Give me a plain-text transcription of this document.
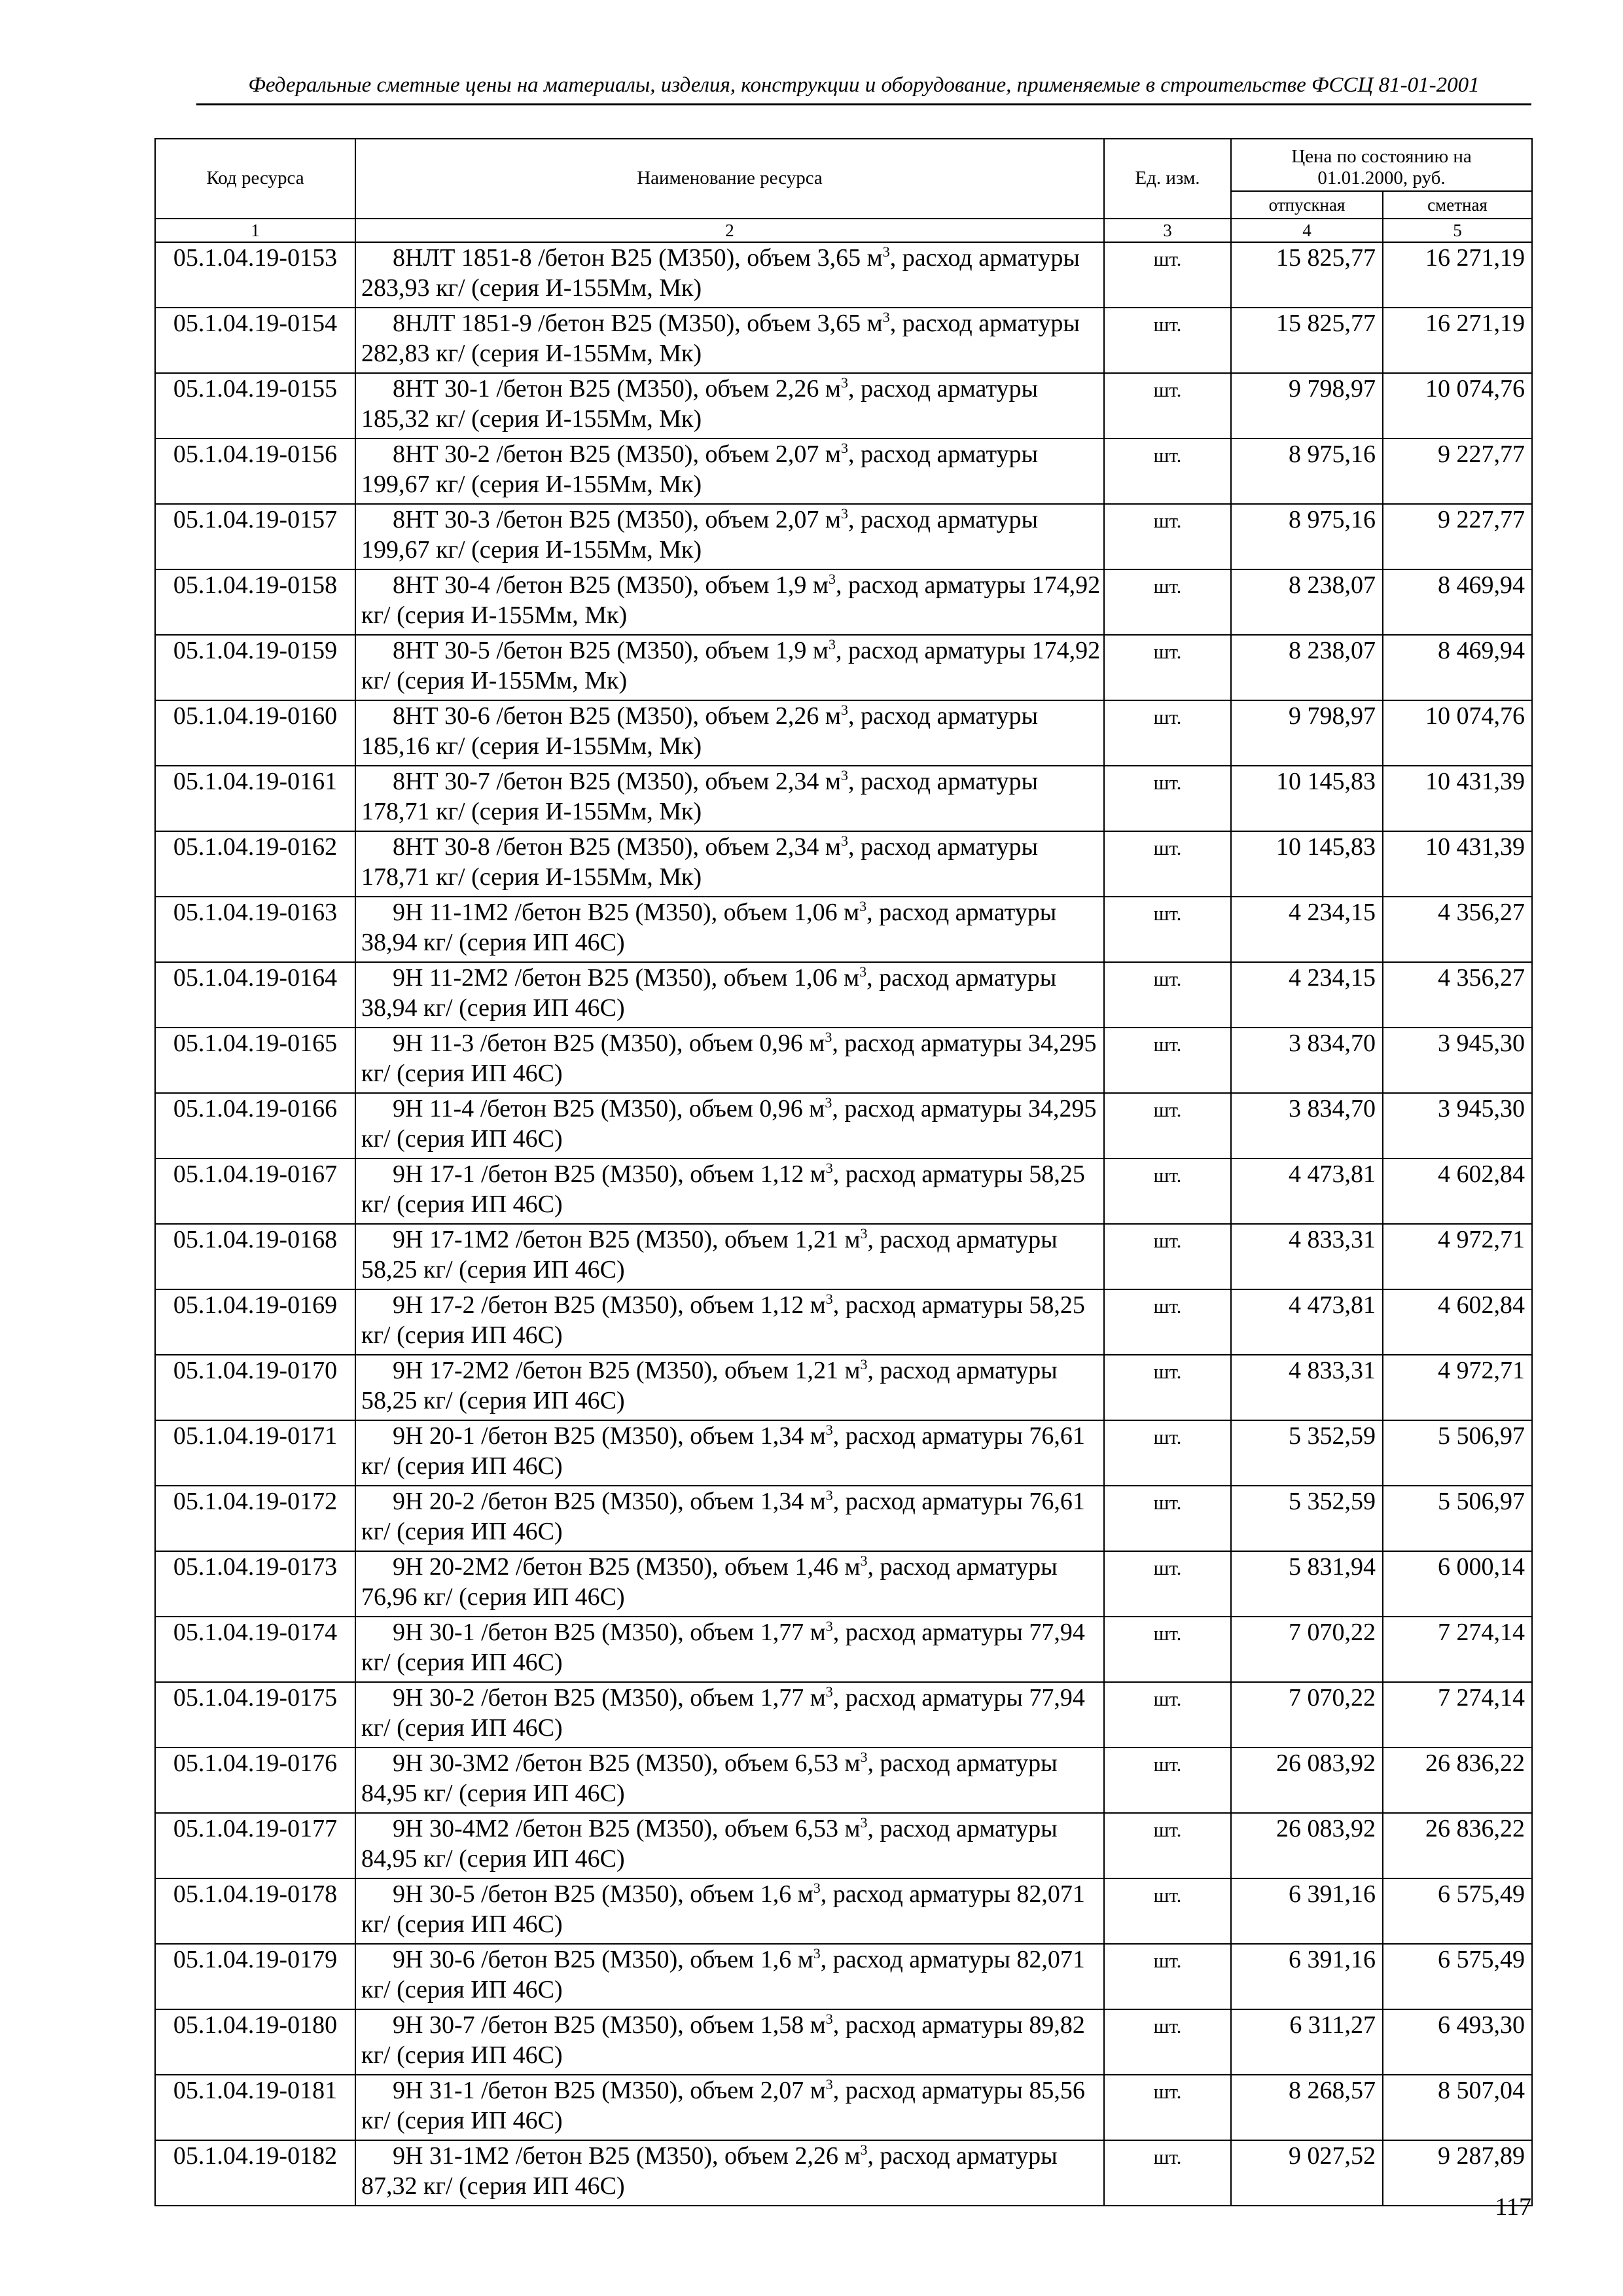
Федеральные сметные цены на материалы, изделия, конструкции и оборудование, применяемые в строительстве ФССЦ 81-01-2001
Код ресурса	Наименование ресурса	Ед. изм.	Цена по состоянию на 01.01.2000, руб.	
			отпускная	сметная
1	2	3	4	5
05.1.04.19-0153	8НЛТ 1851-8 /бетон В25 (М350), объем 3,65 $м^3$, расход арматуры 283,93 кг/ (серия И-155Мм, Мк)	шт.	15 825,77	16 271,19
05.1.04.19-0154	8НЛТ 1851-9 /бетон В25 (М350), объем 3,65 $м^3$, расход арматуры 282,83 кг/ (серия И-155Мм, Мк)	шт.	15 825,77	16 271,19
05.1.04.19-0155	8НТ 30-1 /бетон В25 (М350), объем 2,26 $м^3$, расход арматуры 185,32 кг/ (серия И-155Мм, Мк)	шт.	9 798,97	10 074,76
05.1.04.19-0156	8НТ 30-2 /бетон В25 (М350), объем 2,07 $м^3$, расход арматуры 199,67 кг/ (серия И-155Мм, Мк)	шт.	8 975,16	9 227,77
05.1.04.19-0157	8НТ 30-3 /бетон В25 (М350), объем 2,07 $м^3$, расход арматуры 199,67 кг/ (серия И-155Мм, Мк)	шт.	8 975,16	9 227,77
05.1.04.19-0158	8НТ 30-4 /бетон В25 (М350), объем 1,9 $м^3$, расход арматуры 174,92 кг/ (серия И-155Мм, Мк)	шт.	8 238,07	8 469,94
05.1.04.19-0159	8НТ 30-5 /бетон В25 (М350), объем 1,9 $м^3$, расход арматуры 174,92 кг/ (серия И-155Мм, Мк)	шт.	8 238,07	8 469,94
05.1.04.19-0160	8НТ 30-6 /бетон В25 (М350), объем 2,26 $м^3$, расход арматуры 185,16 кг/ (серия И-155Мм, Мк)	шт.	9 798,97	10 074,76
05.1.04.19-0161	8НТ 30-7 /бетон В25 (М350), объем 2,34 $м^3$, расход арматуры 178,71 кг/ (серия И-155Мм, Мк)	шт.	10 145,83	10 431,39
05.1.04.19-0162	8НТ 30-8 /бетон В25 (М350), объем 2,34 $м^3$, расход арматуры 178,71 кг/ (серия И-155Мм, Мк)	шт.	10 145,83	10 431,39
05.1.04.19-0163	9Н 11-1М2 /бетон В25 (М350), объем 1,06 $м^3$, расход арматуры 38,94 кг/ (серия ИП 46С)	шт.	4 234,15	4 356,27
05.1.04.19-0164	9Н 11-2М2 /бетон В25 (М350), объем 1,06 $м^3$, расход арматуры 38,94 кг/ (серия ИП 46С)	шт.	4 234,15	4 356,27
05.1.04.19-0165	9Н 11-3 /бетон В25 (М350), объем 0,96 $м^3$, расход арматуры 34,295 кг/ (серия ИП 46С)	шт.	3 834,70	3 945,30
05.1.04.19-0166	9Н 11-4 /бетон В25 (М350), объем 0,96 $м^3$, расход арматуры 34,295 кг/ (серия ИП 46С)	шт.	3 834,70	3 945,30
05.1.04.19-0167	9Н 17-1 /бетон В25 (М350), объем 1,12 $м^3$, расход арматуры 58,25 кг/ (серия ИП 46С)	шт.	4 473,81	4 602,84
05.1.04.19-0168	9Н 17-1М2 /бетон В25 (М350), объем 1,21 $м^3$, расход арматуры 58,25 кг/ (серия ИП 46С)	шт.	4 833,31	4 972,71
05.1.04.19-0169	9Н 17-2 /бетон В25 (М350), объем 1,12 $м^3$, расход арматуры 58,25 кг/ (серия ИП 46С)	шт.	4 473,81	4 602,84
05.1.04.19-0170	9Н 17-2М2 /бетон В25 (М350), объем 1,21 $м^3$, расход арматуры 58,25 кг/ (серия ИП 46С)	шт.	4 833,31	4 972,71
05.1.04.19-0171	9Н 20-1 /бетон В25 (М350), объем 1,34 $м^3$, расход арматуры 76,61 кг/ (серия ИП 46С)	шт.	5 352,59	5 506,97
05.1.04.19-0172	9Н 20-2 /бетон В25 (М350), объем 1,34 $м^3$, расход арматуры 76,61 кг/ (серия ИП 46С)	шт.	5 352,59	5 506,97
05.1.04.19-0173	9Н 20-2М2 /бетон В25 (М350), объем 1,46 $м^3$, расход арматуры 76,96 кг/ (серия ИП 46С)	шт.	5 831,94	6 000,14
05.1.04.19-0174	9Н 30-1 /бетон В25 (М350), объем 1,77 $м^3$, расход арматуры 77,94 кг/ (серия ИП 46С)	шт.	7 070,22	7 274,14
05.1.04.19-0175	9Н 30-2 /бетон В25 (М350), объем 1,77 $м^3$, расход арматуры 77,94 кг/ (серия ИП 46С)	шт.	7 070,22	7 274,14
05.1.04.19-0176	9Н 30-3М2 /бетон В25 (М350), объем 6,53 $м^3$, расход арматуры 84,95 кг/ (серия ИП 46С)	шт.	26 083,92	26 836,22
05.1.04.19-0177	9Н 30-4М2 /бетон В25 (М350), объем 6,53 $м^3$, расход арматуры 84,95 кг/ (серия ИП 46С)	шт.	26 083,92	26 836,22
05.1.04.19-0178	9Н 30-5 /бетон В25 (М350), объем 1,6 $м^3$, расход арматуры 82,071 кг/ (серия ИП 46С)	шт.	6 391,16	6 575,49
05.1.04.19-0179	9Н 30-6 /бетон В25 (М350), объем 1,6 $м^3$, расход арматуры 82,071 кг/ (серия ИП 46С)	шт.	6 391,16	6 575,49
05.1.04.19-0180	9Н 30-7 /бетон В25 (М350), объем 1,58 $м^3$, расход арматуры 89,82 кг/ (серия ИП 46С)	шт.	6 311,27	6 493,30
05.1.04.19-0181	9Н 31-1 /бетон В25 (М350), объем 2,07 $м^3$, расход арматуры 85,56 кг/ (серия ИП 46С)	шт.	8 268,57	8 507,04
05.1.04.19-0182	9Н 31-1М2 /бетон В25 (М350), объем 2,26 $м^3$, расход арматуры 87,32 кг/ (серия ИП 46С)	шт.	9 027,52	9 287,89
117
